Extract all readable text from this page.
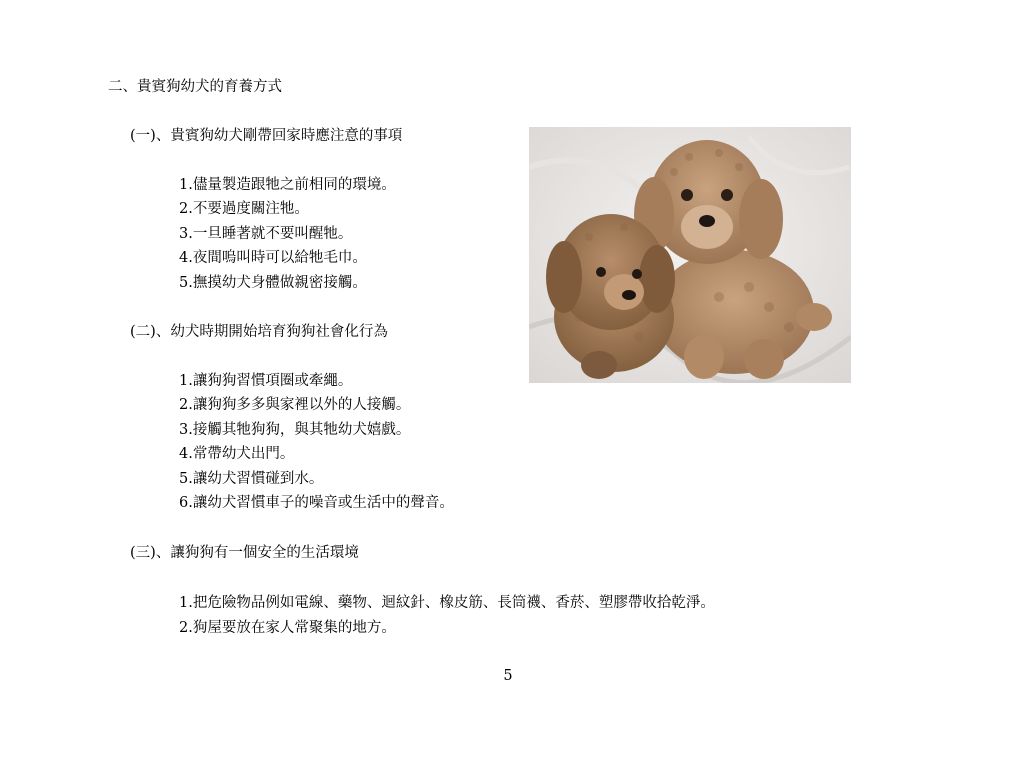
二、貴賓狗幼犬的育養方式
(一)、貴賓狗幼犬剛帶回家時應注意的事項
1.儘量製造跟牠之前相同的環境。
2.不要過度關注牠。
3.一旦睡著就不要叫醒牠。
4.夜間嗚叫時可以給牠毛巾。
5.撫摸幼犬身體做親密接觸。
(二)、幼犬時期開始培育狗狗社會化行為
1.讓狗狗習慣項圈或牽繩。
2.讓狗狗多多與家裡以外的人接觸。
3.接觸其牠狗狗，與其牠幼犬嬉戲。
4.常帶幼犬出門。
5.讓幼犬習慣碰到水。
6.讓幼犬習慣車子的噪音或生活中的聲音。
(三)、讓狗狗有一個安全的生活環境
1.把危險物品例如電線、藥物、迴紋針、橡皮筋、長筒襪、香菸、塑膠帶收拾乾淨。
2.狗屋要放在家人常聚集的地方。
5
